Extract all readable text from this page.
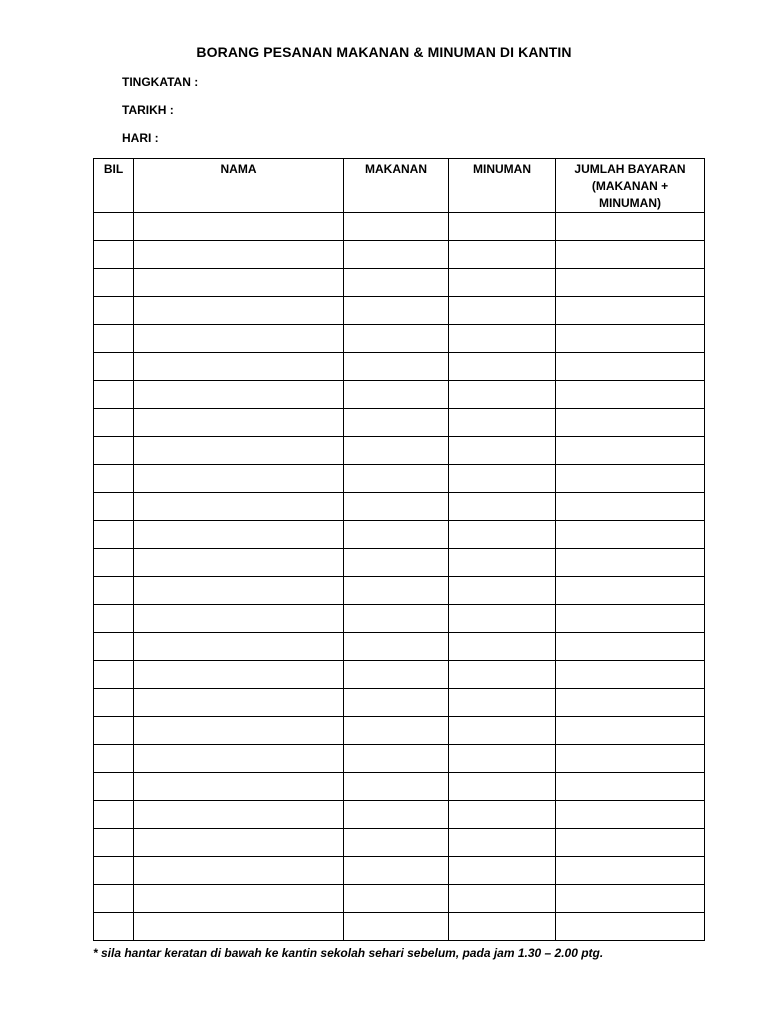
BORANG PESANAN MAKANAN & MINUMAN DI KANTIN
TINGKATAN :
TARIKH :
HARI :
BIL	NAMA	MAKANAN	MINUMAN	JUMLAH BAYARAN
(MAKANAN +
MINUMAN)

* sila hantar keratan di bawah ke kantin sekolah sehari sebelum, pada jam 1.30 – 2.00 ptg.
